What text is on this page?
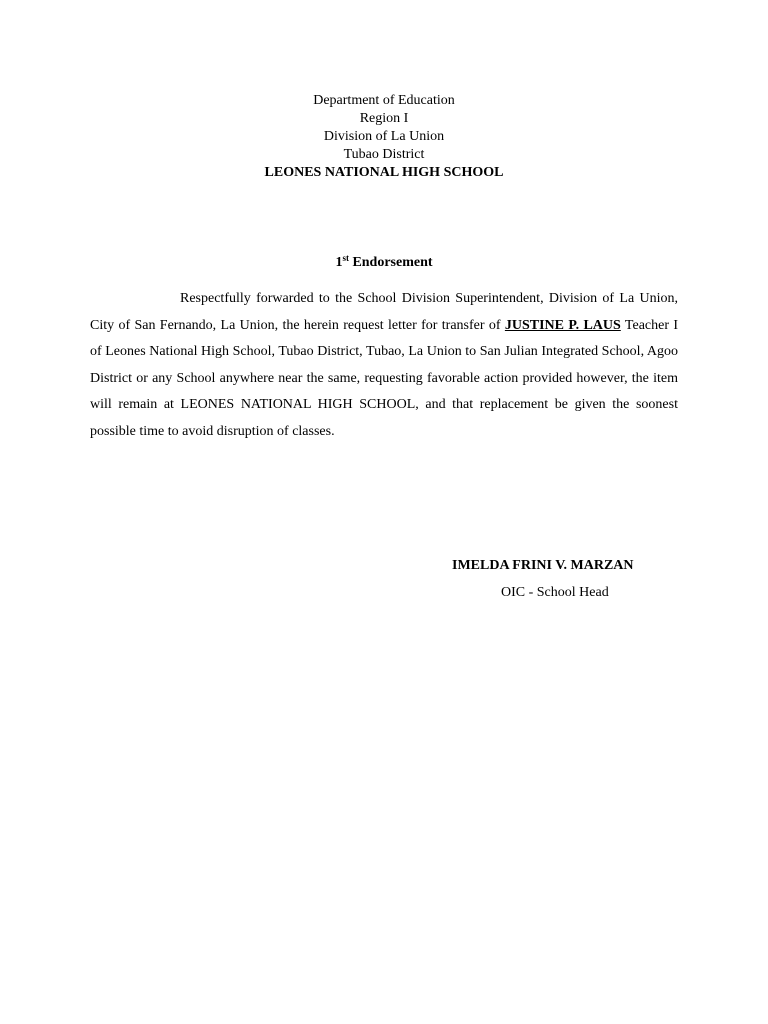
Department of Education
Region I
Division of La Union
Tubao District
LEONES NATIONAL HIGH SCHOOL
1st Endorsement

Respectfully forwarded to the School Division Superintendent, Division of La Union, City of San Fernando, La Union, the herein request letter for transfer of JUSTINE P. LAUS Teacher I of Leones National High School, Tubao District, Tubao, La Union to San Julian Integrated School, Agoo District or any School anywhere near the same, requesting favorable action provided however, the item will remain at LEONES NATIONAL HIGH SCHOOL, and that replacement be given the soonest possible time to avoid disruption of classes.

IMELDA FRINI V. MARZAN
OIC - School Head
